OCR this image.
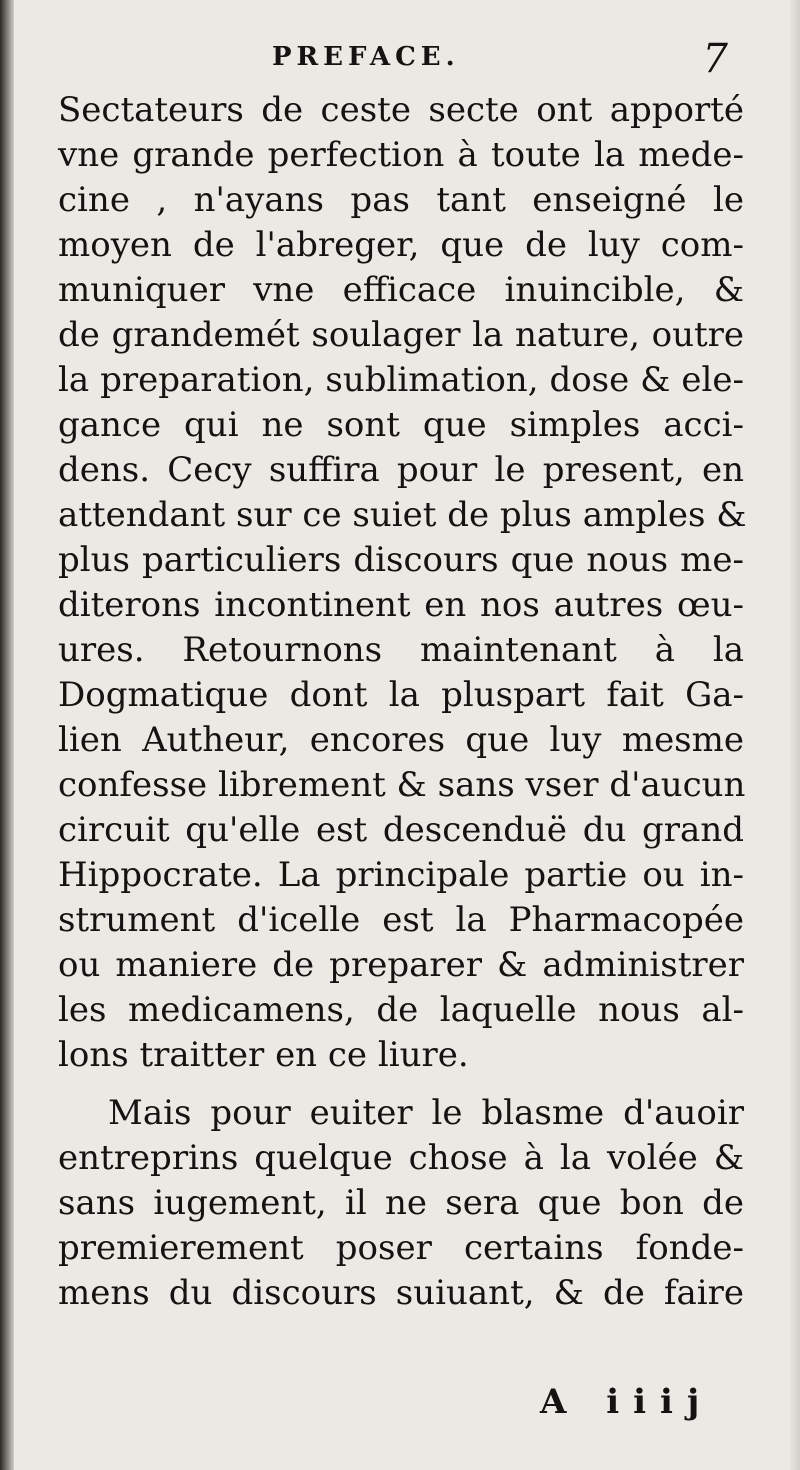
PREFACE.	7
Sectateurs de ceste secte ont apporté
vne grande perfection à toute la mede-
cine , n'ayans pas tant enseigné le
moyen de l'abreger, que de luy com-
muniquer vne efficace inuincible, &
de grandemét soulager la nature, outre
la preparation, sublimation, dose & ele-
gance qui ne sont que simples acci-
dens. Cecy suffira pour le present, en
attendant sur ce suiet de plus amples &
plus particuliers discours que nous me-
diterons incontinent en nos autres œu-
ures. Retournons maintenant à la
Dogmatique dont la pluspart fait Ga-
lien Autheur, encores que luy mesme
confesse librement & sans vser d'aucun
circuit qu'elle est descenduë du grand
Hippocrate. La principale partie ou in-
strument d'icelle est la Pharmacopée
ou maniere de preparer & administrer
les medicamens, de laquelle nous al-
lons traitter en ce liure.
Mais pour euiter le blasme d'auoir
entreprins quelque chose à la volée &
sans iugement, il ne sera que bon de
premierement poser certains fonde-
mens du discours suiuant, & de faire
A iiij
